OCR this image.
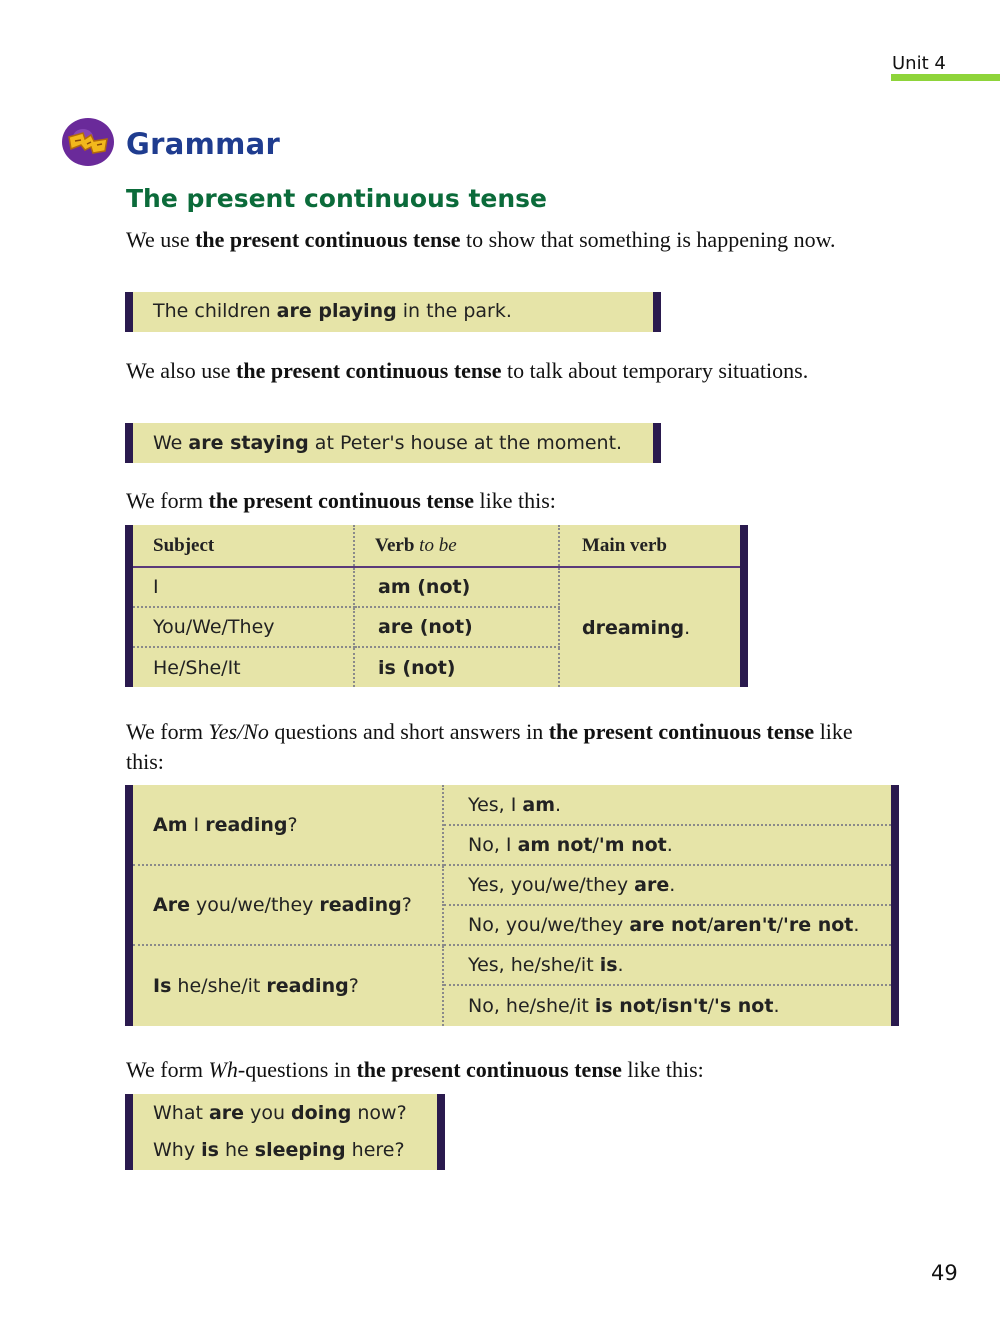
Unit 4
Grammar
The present continuous tense
We use the present continuous tense to show that something is happening now.
The children are playing in the park.
We also use the present continuous tense to talk about temporary situations.
We are staying at Peter's house at the moment.
We form the present continuous tense like this:
Subject	Verb to be	Main verb
I	am (not)	dreaming.
You/We/They	are (not)	
He/She/It	is (not)	
We form Yes/No questions and short answers in the present continuous tense like this:
Am I reading?	Yes, I am.
	No, I am not/'m not.
Are you/we/they reading?	Yes, you/we/they are.
	No, you/we/they are not/aren't/'re not.
Is he/she/it reading?	Yes, he/she/it is.
	No, he/she/it is not/isn't/'s not.
We form Wh-questions in the present continuous tense like this:
What are you doing now?
Why is he sleeping here?
49
